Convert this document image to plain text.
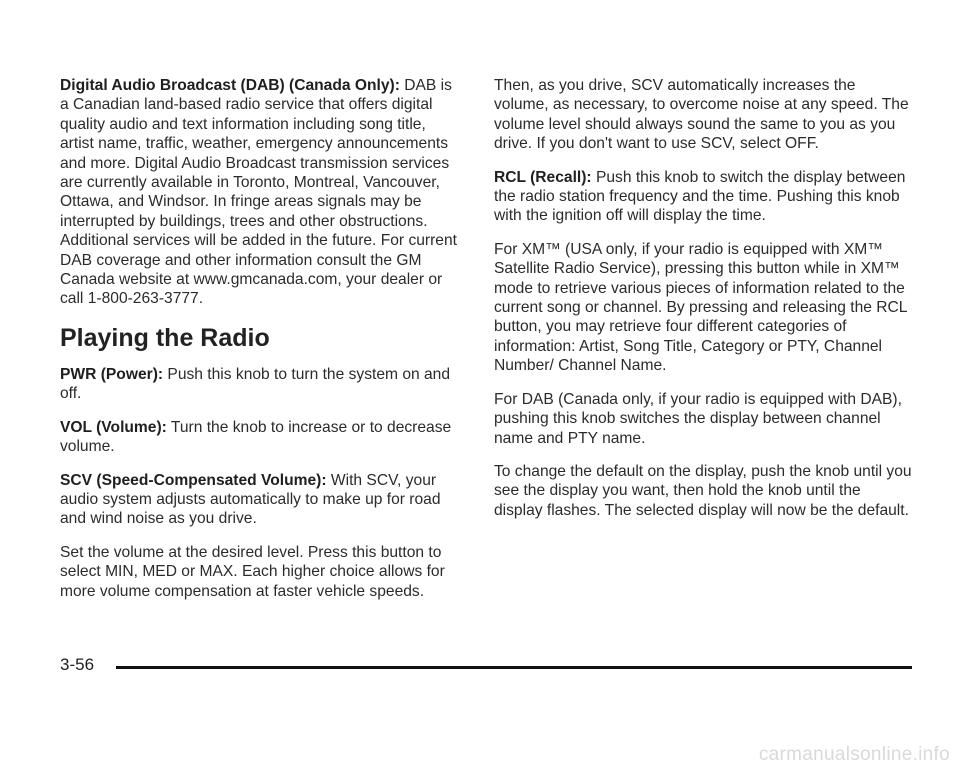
Digital Audio Broadcast (DAB) (Canada Only): DAB is a Canadian land-based radio service that offers digital quality audio and text information including song title, artist name, traffic, weather, emergency announcements and more. Digital Audio Broadcast transmission services are currently available in Toronto, Montreal, Vancouver, Ottawa, and Windsor. In fringe areas signals may be interrupted by buildings, trees and other obstructions. Additional services will be added in the future. For current DAB coverage and other information consult the GM Canada website at www.gmcanada.com, your dealer or call 1-800-263-3777.

Playing the Radio

PWR (Power): Push this knob to turn the system on and off.

VOL (Volume): Turn the knob to increase or to decrease volume.

SCV (Speed-Compensated Volume): With SCV, your audio system adjusts automatically to make up for road and wind noise as you drive.

Set the volume at the desired level. Press this button to select MIN, MED or MAX. Each higher choice allows for more volume compensation at faster vehicle speeds.

Then, as you drive, SCV automatically increases the volume, as necessary, to overcome noise at any speed. The volume level should always sound the same to you as you drive. If you don't want to use SCV, select OFF.

RCL (Recall): Push this knob to switch the display between the radio station frequency and the time. Pushing this knob with the ignition off will display the time.

For XM™ (USA only, if your radio is equipped with XM™ Satellite Radio Service), pressing this button while in XM™ mode to retrieve various pieces of information related to the current song or channel. By pressing and releasing the RCL button, you may retrieve four different categories of information: Artist, Song Title, Category or PTY, Channel Number/ Channel Name.

For DAB (Canada only, if your radio is equipped with DAB), pushing this knob switches the display between channel name and PTY name.

To change the default on the display, push the knob until you see the display you want, then hold the knob until the display flashes. The selected display will now be the default.

3-56
carmanualsonline.info
